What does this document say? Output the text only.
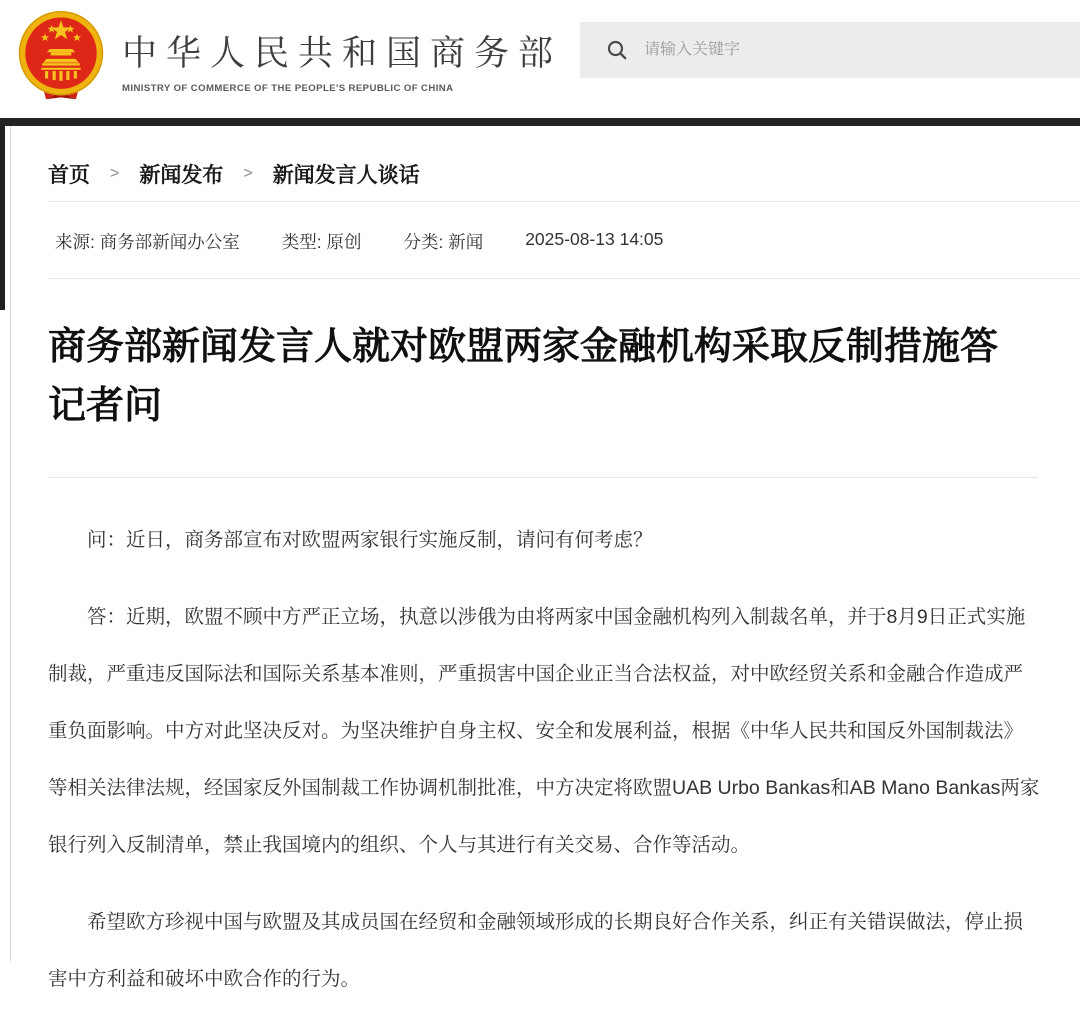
中华人民共和国商务部
MINISTRY OF COMMERCE OF THE PEOPLE'S REPUBLIC OF CHINA
请输入关键字
首页 > 新闻发布 > 新闻发言人谈话
来源: 商务部新闻办公室 类型: 原创 分类: 新闻 2025-08-13 14:05
商务部新闻发言人就对欧盟两家金融机构采取反制措施答记者问

问：近日，商务部宣布对欧盟两家银行实施反制，请问有何考虑？

答：近期，欧盟不顾中方严正立场，执意以涉俄为由将两家中国金融机构列入制裁名单，并于8月9日正式实施制裁，严重违反国际法和国际关系基本准则，严重损害中国企业正当合法权益，对中欧经贸关系和金融合作造成严重负面影响。中方对此坚决反对。为坚决维护自身主权、安全和发展利益，根据《中华人民共和国反外国制裁法》等相关法律法规，经国家反外国制裁工作协调机制批准，中方决定将欧盟UAB Urbo Bankas和AB Mano Bankas两家银行列入反制清单，禁止我国境内的组织、个人与其进行有关交易、合作等活动。

希望欧方珍视中国与欧盟及其成员国在经贸和金融领域形成的长期良好合作关系，纠正有关错误做法，停止损害中方利益和破坏中欧合作的行为。
